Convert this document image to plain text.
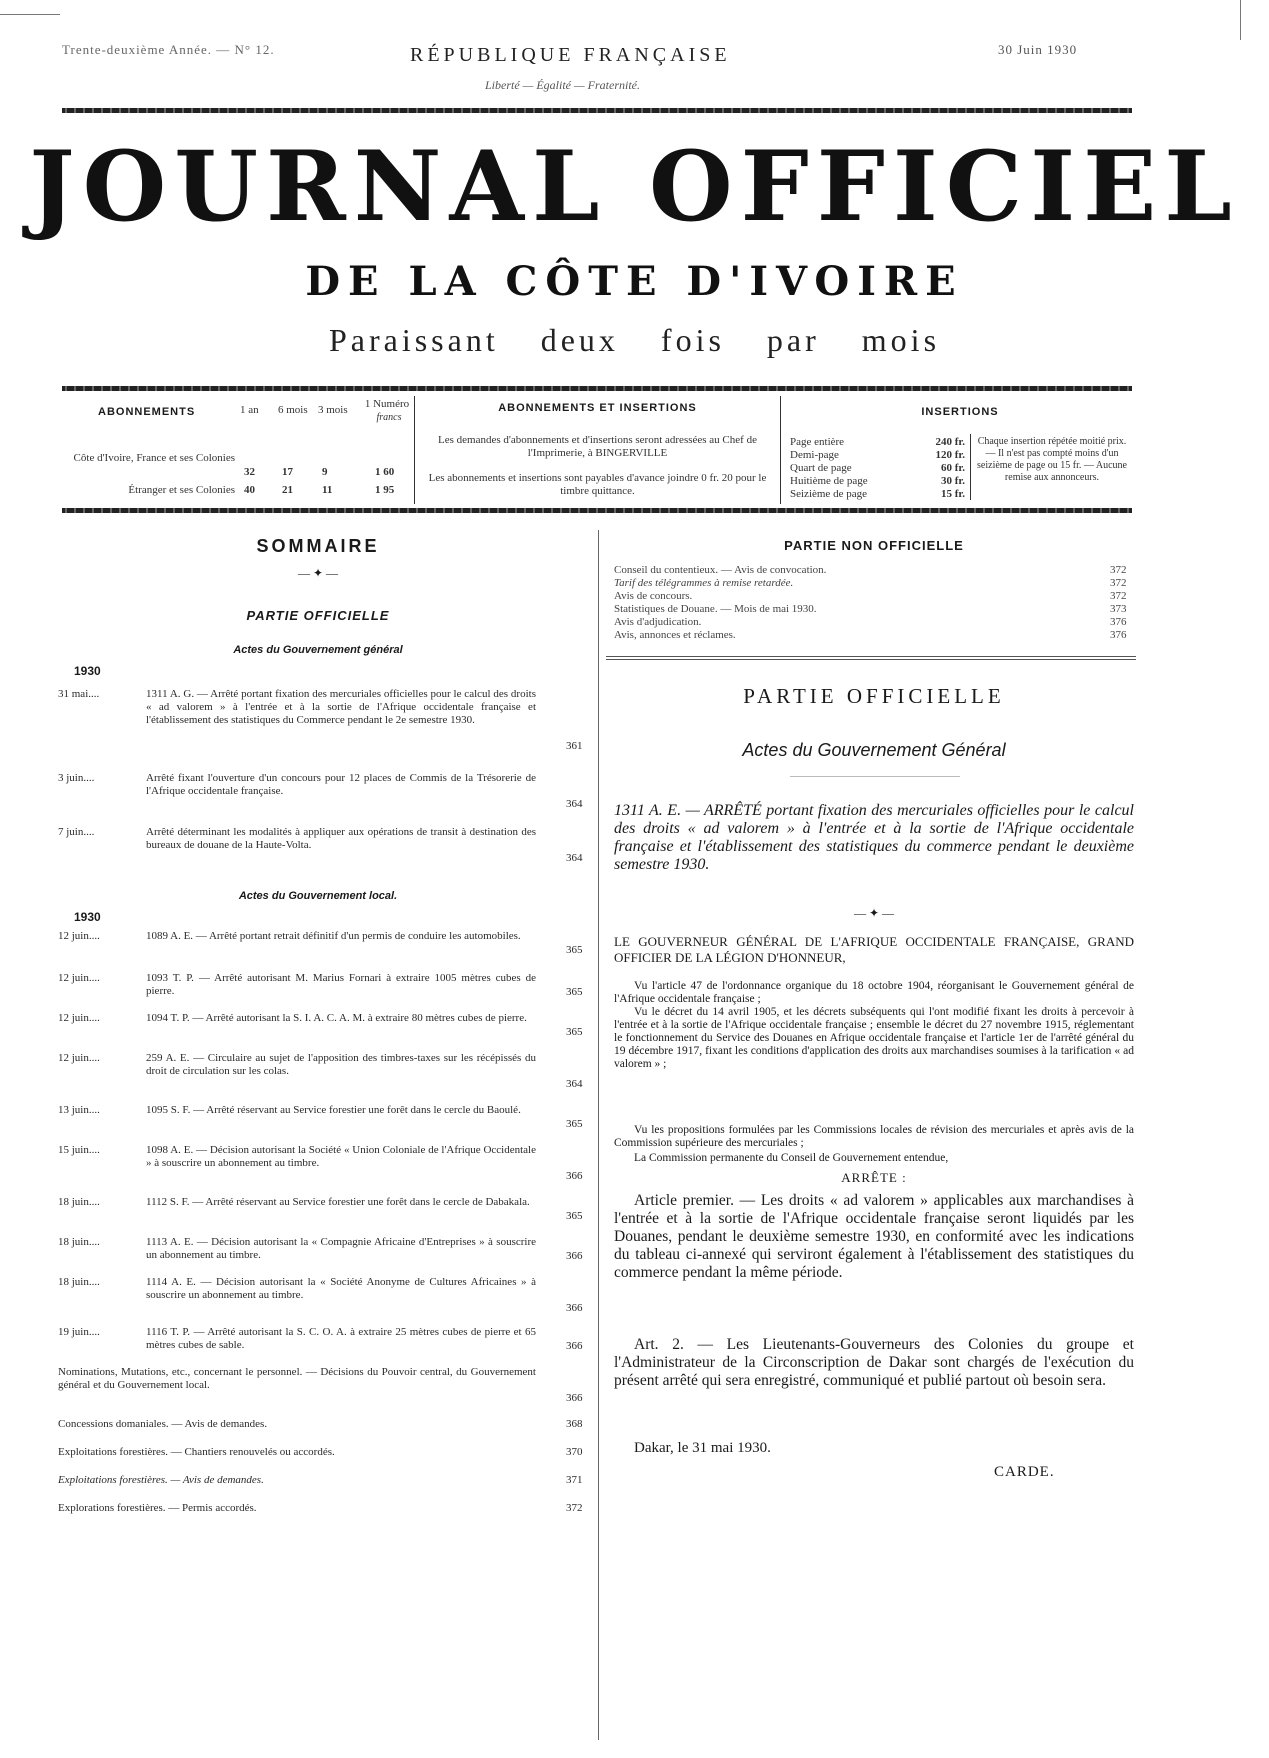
Trente-deuxième Année. — N° 12.	RÉPUBLIQUE FRANÇAISE	30 Juin 1930
Liberté — Égalité — Fraternité.
JOURNAL OFFICIEL
DE LA CÔTE D'IVOIRE
Paraissant deux fois par mois
ABONNEMENTS	1 an 6 mois 3 mois 1 Numéro
francs
Côte d'Ivoire, France et ses Colonies
32 17	9	1 60
Étranger et ses Colonies 40 21	11	1 95
ABONNEMENTS ET INSERTIONS
Les demandes d'abonnements et d'insertions seront adressées au Chef de l'Imprimerie, à BINGERVILLE
Les abonnements et insertions sont payables d'avance joindre 0 fr. 20 pour le timbre quittance.
INSERTIONS
Page entière	240 fr.
Demi-page	120 fr.
Quart de page	60 fr.
Huitième de page	30 fr.
Seizième de page	15 fr.
Chaque insertion répétée moitié prix. — Il n'est pas compté moins d'un seizième de page ou 15 fr. — Aucune remise aux annonceurs.
SOMMAIRE
— ✦ —
PARTIE OFFICIELLE
Actes du Gouvernement général
1930
31 mai....	1311 A. G. — Arrêté portant fixation des mercuriales officielles pour le calcul des droits « ad valorem » à l'entrée et à la sortie de l'Afrique occidentale française et l'établissement des statistiques du Commerce pendant le 2e semestre 1930.
361
3 juin....	Arrêté fixant l'ouverture d'un concours pour 12 places de Commis de la Trésorerie de l'Afrique occidentale française.
364
7 juin....	Arrêté déterminant les modalités à appliquer aux opérations de transit à destination des bureaux de douane de la Haute-Volta.
364
Actes du Gouvernement local.
1930
12 juin....	1089 A. E. — Arrêté portant retrait définitif d'un permis de conduire les automobiles.
365
12 juin....	1093 T. P. — Arrêté autorisant M. Marius Fornari à extraire 1005 mètres cubes de pierre.	365
12 juin....	1094 T. P. — Arrêté autorisant la S. I. A. C. A. M. à extraire 80 mètres cubes de pierre.
365
12 juin....	259 A. E. — Circulaire au sujet de l'apposition des timbres-taxes sur les récépissés du droit de circulation sur les colas.
364
13 juin....	1095 S. F. — Arrêté réservant au Service forestier une forêt dans le cercle du Baoulé.
365
15 juin....	1098 A. E. — Décision autorisant la Société « Union Coloniale de l'Afrique Occidentale » à souscrire un abonnement au timbre.
366
18 juin....	1112 S. F. — Arrêté réservant au Service forestier une forêt dans le cercle de Dabakala.
365
18 juin....	1113 A. E. — Décision autorisant la « Compagnie Africaine d'Entreprises » à souscrire un abonnement au timbre.	366
18 juin....	1114 A. E. — Décision autorisant la « Société Anonyme de Cultures Africaines » à souscrire un abonnement au timbre.
366
19 juin....	1116 T. P. — Arrêté autorisant la S. C. O. A. à extraire 25 mètres cubes de pierre et 65 mètres cubes de sable.	366
Nominations, Mutations, etc., concernant le personnel. — Décisions du Pouvoir central, du Gouvernement général et du Gouvernement local.
366
Concessions domaniales. — Avis de demandes.	368
Exploitations forestières. — Chantiers renouvelés ou accordés.	370
Exploitations forestières. — Avis de demandes.	371
Explorations forestières. — Permis accordés.	372
PARTIE NON OFFICIELLE
Conseil du contentieux. — Avis de convocation.	372
Tarif des télégrammes à remise retardée.	372
Avis de concours.	372
Statistiques de Douane. — Mois de mai 1930.	373
Avis d'adjudication.	376
Avis, annonces et réclames.	376
PARTIE OFFICIELLE
Actes du Gouvernement Général
1311 A. E. — ARRÊTÉ portant fixation des mercuriales officielles pour le calcul des droits « ad valorem » à l'entrée et à la sortie de l'Afrique occidentale française et l'établissement des statistiques du commerce pendant le deuxième semestre 1930.
— ✦ —
LE GOUVERNEUR GÉNÉRAL DE L'AFRIQUE OCCIDENTALE FRANÇAISE, GRAND OFFICIER DE LA LÉGION D'HONNEUR,
Vu l'article 47 de l'ordonnance organique du 18 octobre 1904, réorganisant le Gouvernement général de l'Afrique occidentale française ;
Vu le décret du 14 avril 1905, et les décrets subséquents qui l'ont modifié fixant les droits à percevoir à l'entrée et à la sortie de l'Afrique occidentale française ; ensemble le décret du 27 novembre 1915, réglementant le fonctionnement du Service des Douanes en Afrique occidentale française et l'article 1er de l'arrêté général du 19 décembre 1917, fixant les conditions d'application des droits aux marchandises soumises à la tarification « ad valorem » ;
Vu les propositions formulées par les Commissions locales de révision des mercuriales et après avis de la Commission supérieure des mercuriales ;
La Commission permanente du Conseil de Gouvernement entendue,
ARRÊTE :
Article premier. — Les droits « ad valorem » applicables aux marchandises à l'entrée et à la sortie de l'Afrique occidentale française seront liquidés par les Douanes, pendant le deuxième semestre 1930, en conformité avec les indications du tableau ci-annexé qui serviront également à l'établissement des statistiques du commerce pendant la même période.
Art. 2. — Les Lieutenants-Gouverneurs des Colonies du groupe et l'Administrateur de la Circonscription de Dakar sont chargés de l'exécution du présent arrêté qui sera enregistré, communiqué et publié partout où besoin sera.
Dakar, le 31 mai 1930.
CARDE.
